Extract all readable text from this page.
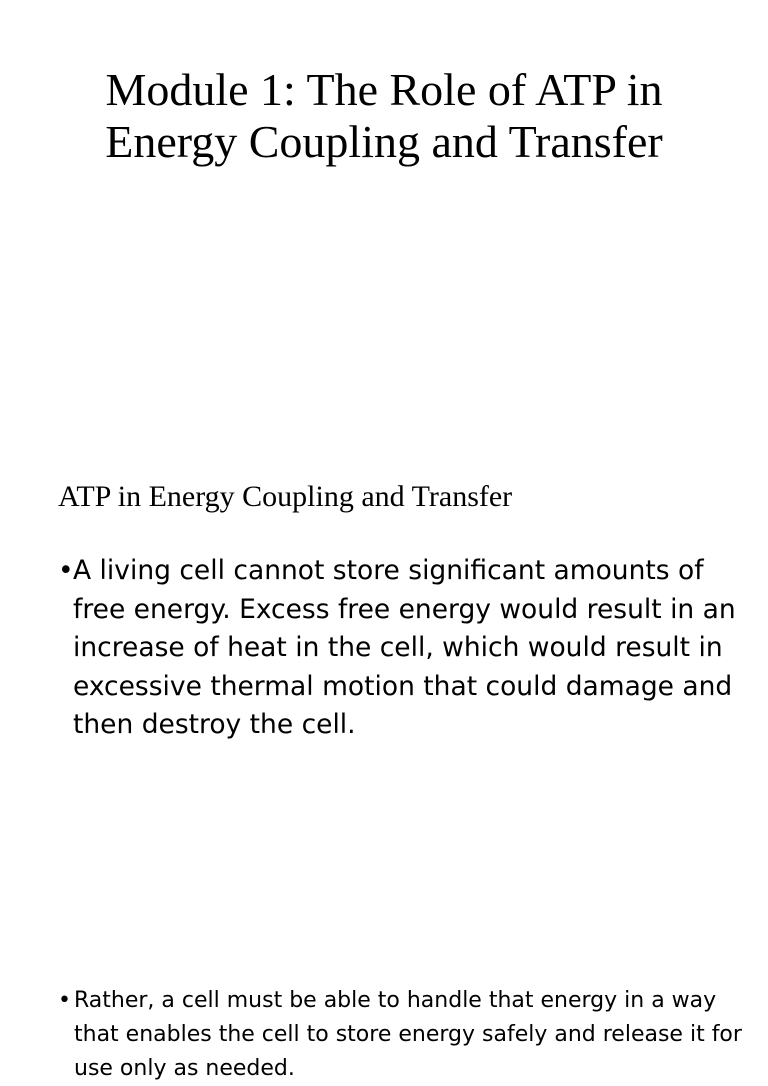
Module 1: The Role of ATP in Energy Coupling and Transfer
ATP in Energy Coupling and Transfer
• A living cell cannot store significant amounts of free energy. Excess free energy would result in an increase of heat in the cell, which would result in excessive thermal motion that could damage and then destroy the cell.
• Rather, a cell must be able to handle that energy in a way that enables the cell to store energy safely and release it for use only as needed.
